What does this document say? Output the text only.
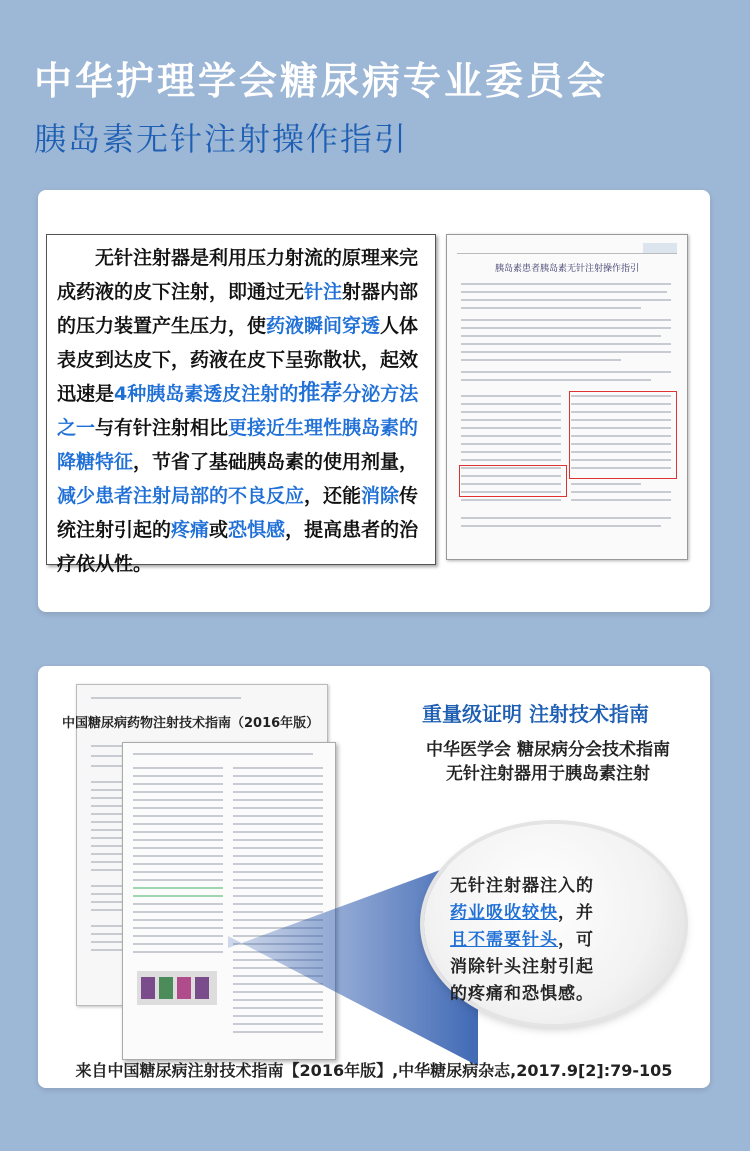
中华护理学会糖尿病专业委员会
胰岛素无针注射操作指引
无针注射器是利用压力射流的原理来完
成药液的皮下注射，即通过无针注射器内部
的压力装置产生压力，使药液瞬间穿透人体
表皮到达皮下，药液在皮下呈弥散状，起效
迅速是4种胰岛素透皮注射的推荐分泌方法
之一与有针注射相比更接近生理性胰岛素的
降糖特征，节省了基础胰岛素的使用剂量，
减少患者注射局部的不良反应，还能消除传
统注射引起的疼痛或恐惧感，提高患者的治
疗依从性。
胰岛素患者胰岛素无针注射操作指引
中国糖尿病药物注射技术指南（2016年版）	重量级证明 注射技术指南
中华医学会 糖尿病分会技术指南
无针注射器用于胰岛素注射
无针注射器注入的
药业吸收较快，并
且不需要针头，可
消除针头注射引起
的疼痛和恐惧感。
来自中国糖尿病注射技术指南【2016年版】,中华糖尿病杂志,2017.9[2]:79-105
